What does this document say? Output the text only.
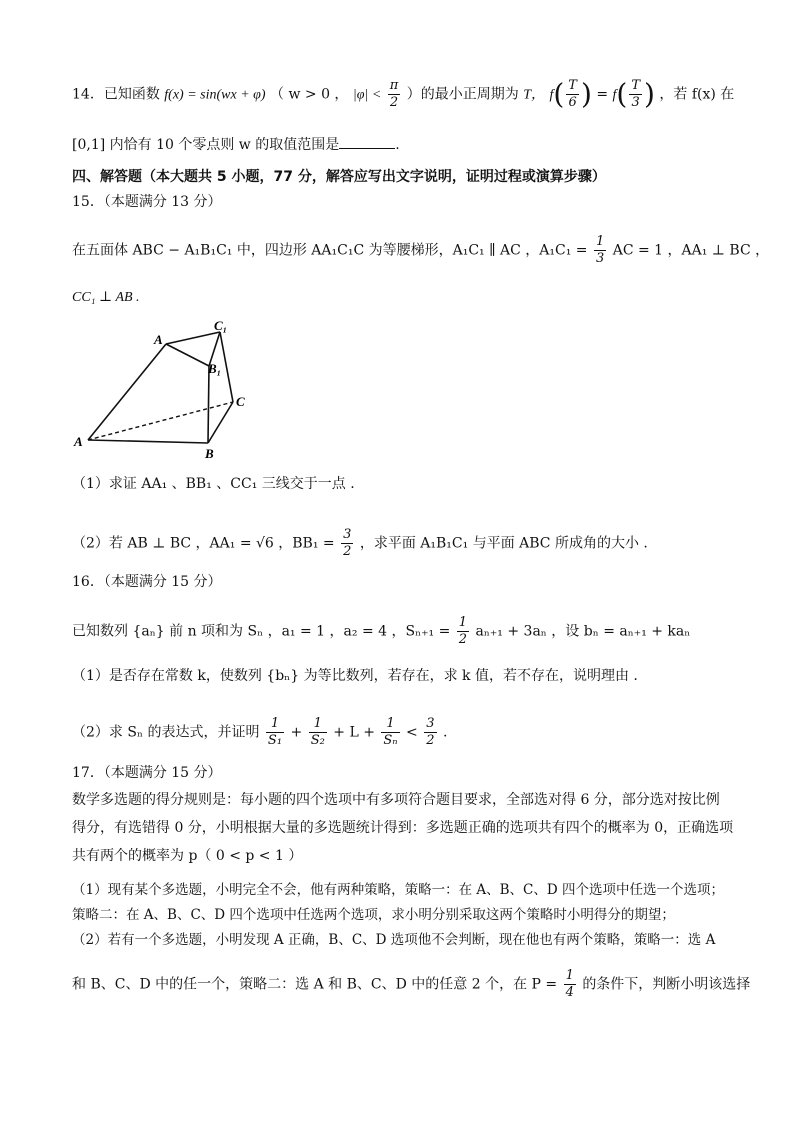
14．已知函数 f(x) = sin(wx + φ) （ w > 0 ， $|\varphi| < \frac{\pi}{2}$ ）的最小正周期为 T， $f( \frac{T}{6}$ ) = $f( \frac{T}{3}$ ) ，若 f(x) 在
[0,1] 内恰有 10 个零点则 w 的取值范围是	.
四、解答题（本大题共 5 小题，77 分，解答应写出文字说明，证明过程或演算步骤）
15．（本题满分 13 分）
在五面体 ABC − A₁B₁C₁ 中，四边形 AA₁C₁C 为等腰梯形，A₁C₁ ∥ AC ，$A_1C_1 = \frac{1}{3}$ AC = 1 ，AA₁ ⊥ BC ，
CC₁ ⊥ AB .
A
C₁
B₁
C
A
B
（1）求证 AA₁ 、BB₁ 、CC₁ 三线交于一点 .
（2）若 AB ⊥ BC ，AA₁ = √6 ，$BB_1 = \frac{3}{2}$ ，求平面 A₁B₁C₁ 与平面 ABC 所成角的大小 .
16．（本题满分 15 分）
已知数列 {aₙ} 前 n 项和为 Sₙ ，a₁ = 1 ，a₂ = 4 ，$S_{n+1} = \frac{1}{2} a_{n+1} + 3a_n$ ，设 bₙ = aₙ₊₁ + kaₙ
（1）是否存在常数 k，使数列 {bₙ} 为等比数列，若存在，求 k 值，若不存在，说明理由 .
（2）求 Sₙ 的表达式，并证明 $\frac{1}{\text{S₁}} + \frac{1}{\text{S₂}} + L + \frac{1}{\text{Sₙ}} < \frac{3}{2}$ .
17．（本题满分 15 分）
数学多选题的得分规则是：每小题的四个选项中有多项符合题目要求，全部选对得 6 分，部分选对按比例
得分，有选错得 0 分，小明根据大量的多选题统计得到：多选题正确的选项共有四个的概率为 0，正确选项
共有两个的概率为 p（ 0 < p < 1 ）
（1）现有某个多选题，小明完全不会，他有两种策略，策略一：在 A、B、C、D 四个选项中任选一个选项；
策略二：在 A、B、C、D 四个选项中任选两个选项，求小明分别采取这两个策略时小明得分的期望；
（2）若有一个多选题，小明发现 A 正确，B、C、D 选项他不会判断，现在他也有两个策略，策略一：选 A
和 B、C、D 中的任一个，策略二：选 A 和 B、C、D 中的任意 2 个，在 $P = \frac{1}{4}$ 的条件下，判断小明该选择
